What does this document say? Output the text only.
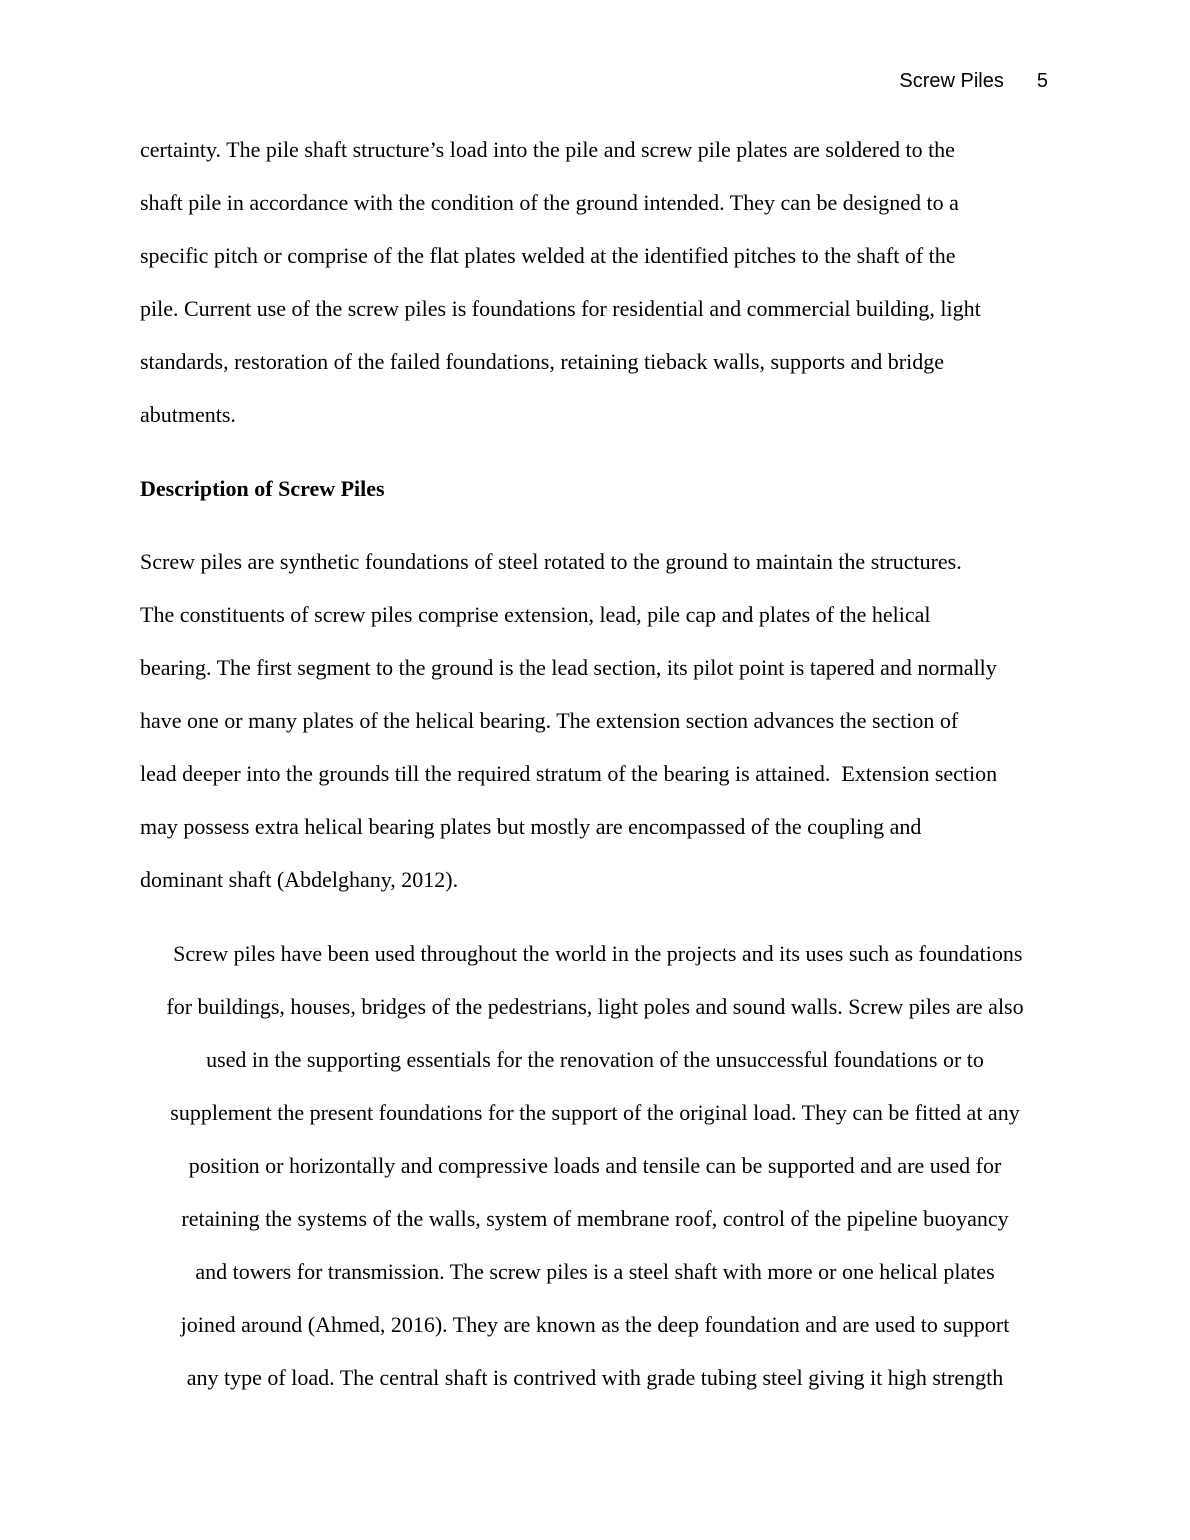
Screw Piles 5
certainty. The pile shaft structure’s load into the pile and screw pile plates are soldered to the
shaft pile in accordance with the condition of the ground intended. They can be designed to a
specific pitch or comprise of the flat plates welded at the identified pitches to the shaft of the
pile. Current use of the screw piles is foundations for residential and commercial building, light
standards, restoration of the failed foundations, retaining tieback walls, supports and bridge
abutments.
Description of Screw Piles
Screw piles are synthetic foundations of steel rotated to the ground to maintain the structures.
The constituents of screw piles comprise extension, lead, pile cap and plates of the helical
bearing. The first segment to the ground is the lead section, its pilot point is tapered and normally
have one or many plates of the helical bearing. The extension section advances the section of
lead deeper into the grounds till the required stratum of the bearing is attained.  Extension section
may possess extra helical bearing plates but mostly are encompassed of the coupling and
dominant shaft (Abdelghany, 2012).
Screw piles have been used throughout the world in the projects and its uses such as foundations
for buildings, houses, bridges of the pedestrians, light poles and sound walls. Screw piles are also
used in the supporting essentials for the renovation of the unsuccessful foundations or to
supplement the present foundations for the support of the original load. They can be fitted at any
position or horizontally and compressive loads and tensile can be supported and are used for
retaining the systems of the walls, system of membrane roof, control of the pipeline buoyancy
and towers for transmission. The screw piles is a steel shaft with more or one helical plates
joined around (Ahmed, 2016). They are known as the deep foundation and are used to support
any type of load. The central shaft is contrived with grade tubing steel giving it high strength
